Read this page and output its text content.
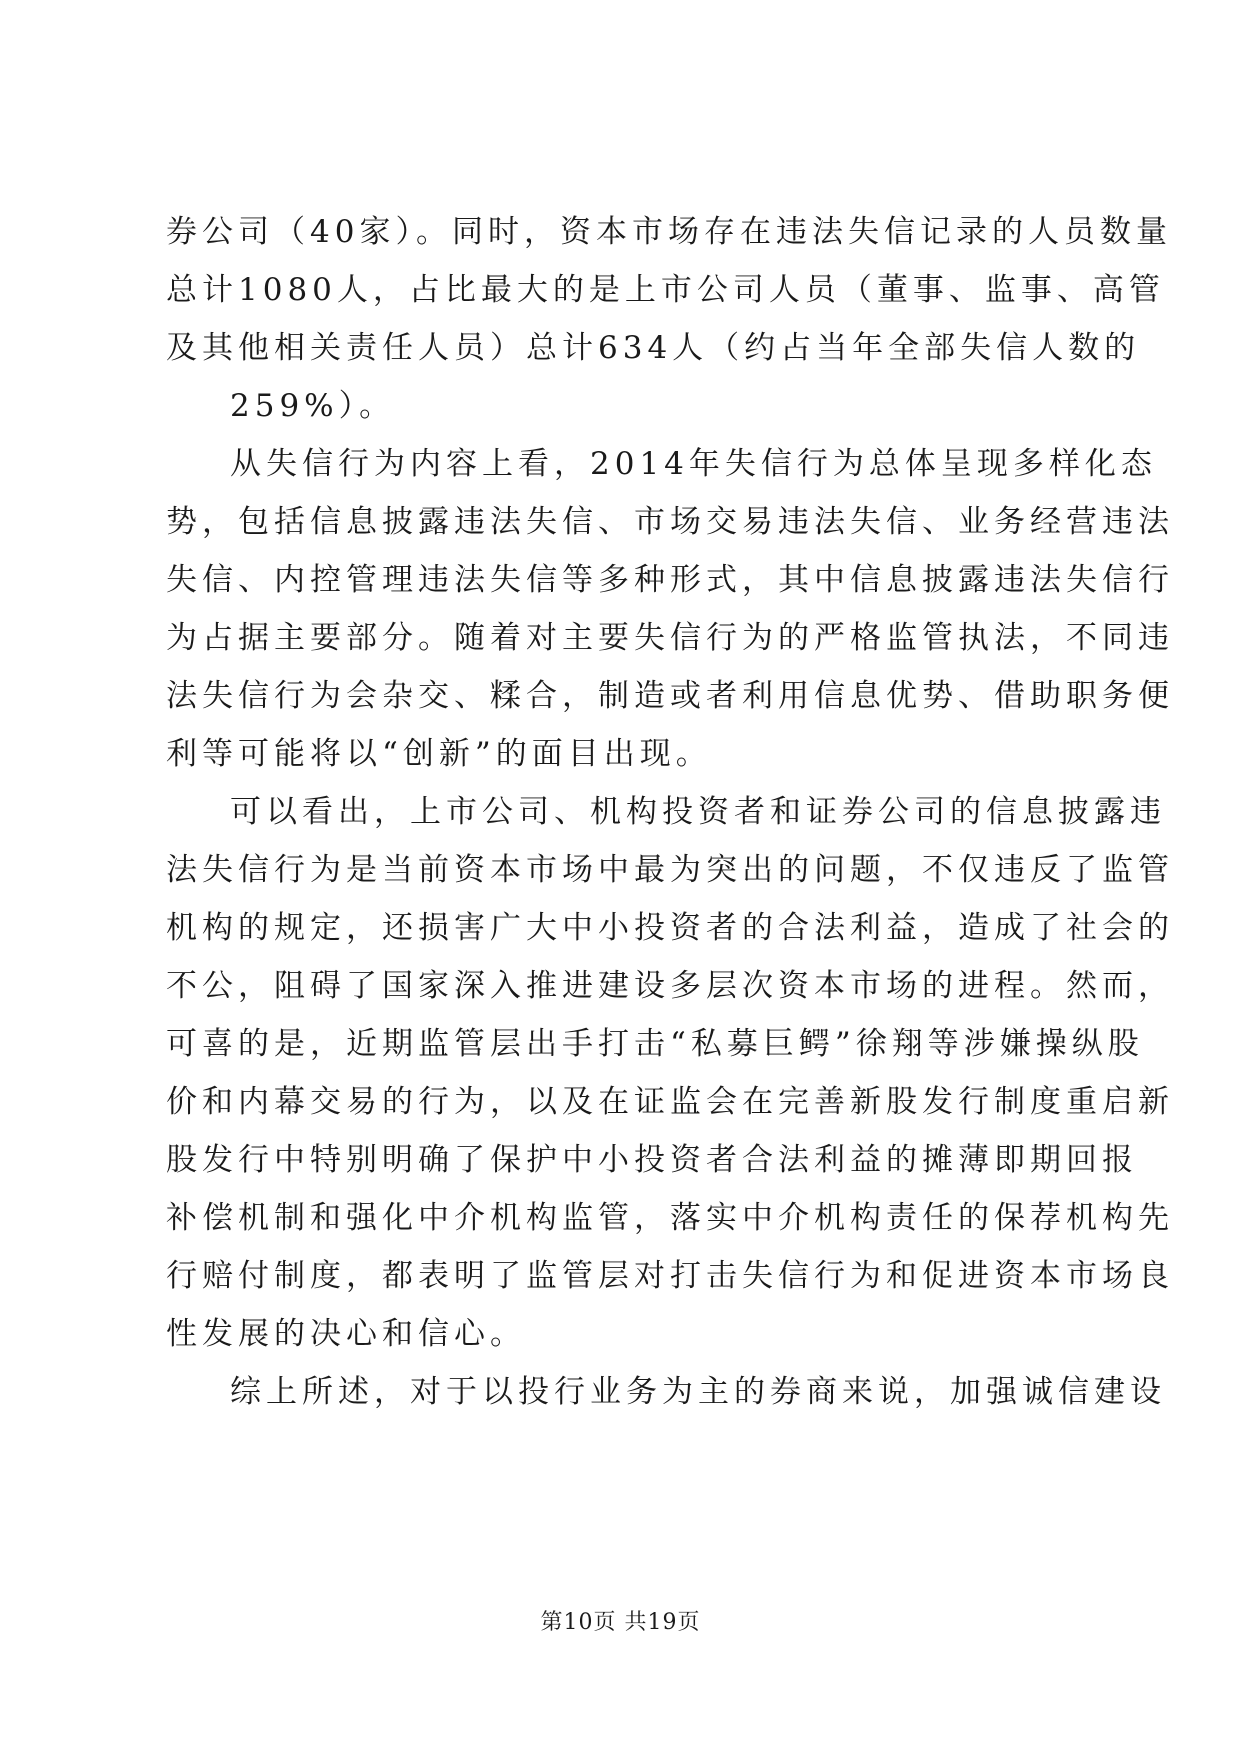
券公司（40家）。同时，资本市场存在违法失信记录的人员数量
总计1080人，占比最大的是上市公司人员（董事、监事、高管
及其他相关责任人员）总计634人（约占当年全部失信人数的
259%）。
从失信行为内容上看，2014年失信行为总体呈现多样化态
势，包括信息披露违法失信、市场交易违法失信、业务经营违法
失信、内控管理违法失信等多种形式，其中信息披露违法失信行
为占据主要部分。随着对主要失信行为的严格监管执法，不同违
法失信行为会杂交、糅合，制造或者利用信息优势、借助职务便
利等可能将以“创新”的面目出现。
可以看出，上市公司、机构投资者和证券公司的信息披露违
法失信行为是当前资本市场中最为突出的问题，不仅违反了监管
机构的规定，还损害广大中小投资者的合法利益，造成了社会的
不公，阻碍了国家深入推进建设多层次资本市场的进程。然而，
可喜的是，近期监管层出手打击“私募巨鳄”徐翔等涉嫌操纵股
价和内幕交易的行为，以及在证监会在完善新股发行制度重启新
股发行中特别明确了保护中小投资者合法利益的摊薄即期回报
补偿机制和强化中介机构监管，落实中介机构责任的保荐机构先
行赔付制度，都表明了监管层对打击失信行为和促进资本市场良
性发展的决心和信心。
综上所述，对于以投行业务为主的券商来说，加强诚信建设
第10页 共19页
